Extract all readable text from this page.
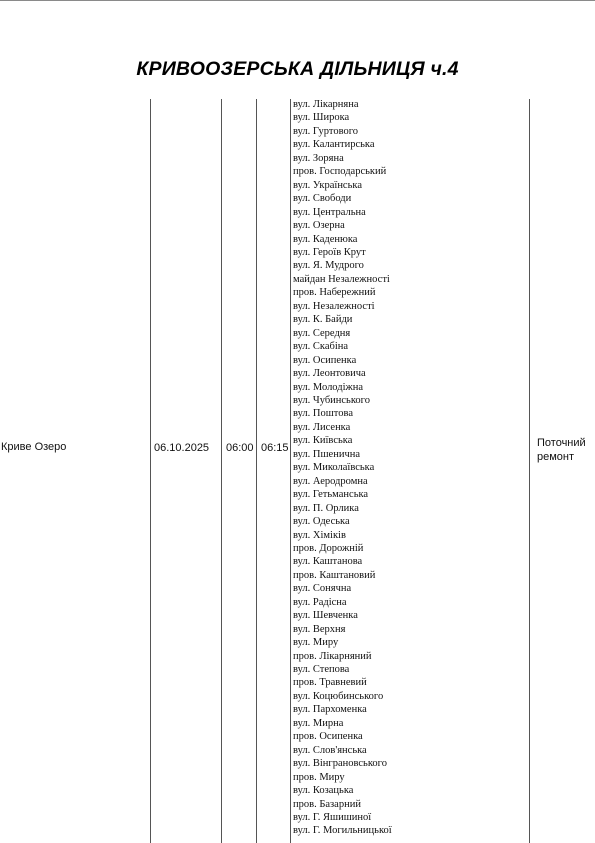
КРИВООЗЕРСЬКА ДІЛЬНИЦЯ ч.4
Криве Озеро	06.10.2025 06:00 06:15	Поточний
ремонт
вул. Лікарняна
вул. Широка
вул. Гуртового
вул. Калантирська
вул. Зоряна
пров. Господарський
вул. Українська
вул. Свободи
вул. Центральна
вул. Озерна
вул. Каденюка
вул. Героїв Крут
вул. Я. Мудрого
майдан Незалежності
пров. Набережний
вул. Незалежності
вул. К. Байди
вул. Середня
вул. Скабіна
вул. Осипенка
вул. Леонтовича
вул. Молодіжна
вул. Чубинського
вул. Поштова
вул. Лисенка
вул. Київська
вул. Пшенична
вул. Миколаївська
вул. Аеродромна
вул. Гетьманська
вул. П. Орлика
вул. Одеська
вул. Хіміків
пров. Дорожній
вул. Каштанова
пров. Каштановий
вул. Сонячна
вул. Радісна
вул. Шевченка
вул. Верхня
вул. Миру
пров. Лікарняний
вул. Степова
пров. Травневий
вул. Коцюбинського
вул. Пархоменка
вул. Мирна
пров. Осипенка
вул. Слов'янська
вул. Вінграновського
пров. Миру
вул. Козацька
пров. Базарний
вул. Г. Яшишиної
вул. Г. Могильницької
